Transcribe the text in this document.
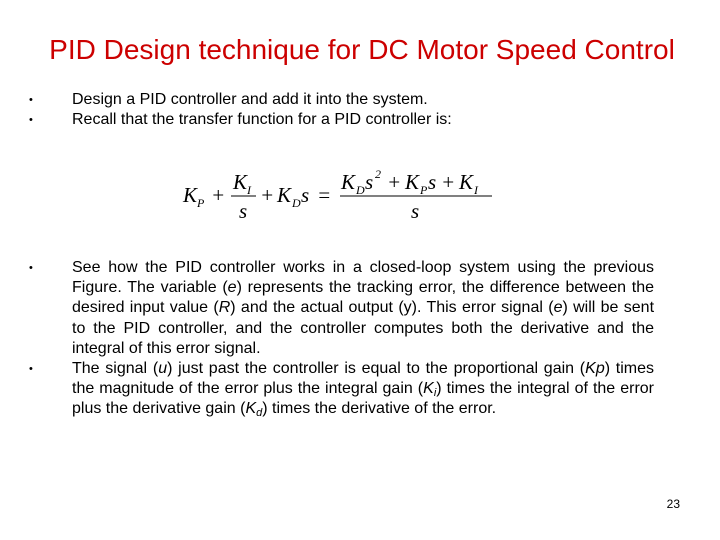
PID Design technique for DC Motor Speed Control
• Design a PID controller and add it into the system.
• Recall that the transfer function for a PID controller is:
K P +
K I
s
+ K D s =
K D s 2 + K P s + K I
s
• See how the PID controller works in a closed-loop system using the previous Figure. The variable (e) represents the tracking error, the difference between the desired input value (R) and the actual output (y). This error signal (e) will be sent to the PID controller, and the controller computes both the derivative and the integral of this error signal.
• The signal (u) just past the controller is equal to the proportional gain (Kp) times the magnitude of the error plus the integral gain $(K_i)$ times the integral of the error plus the derivative gain $(K_d)$ times the derivative of the error.
23
